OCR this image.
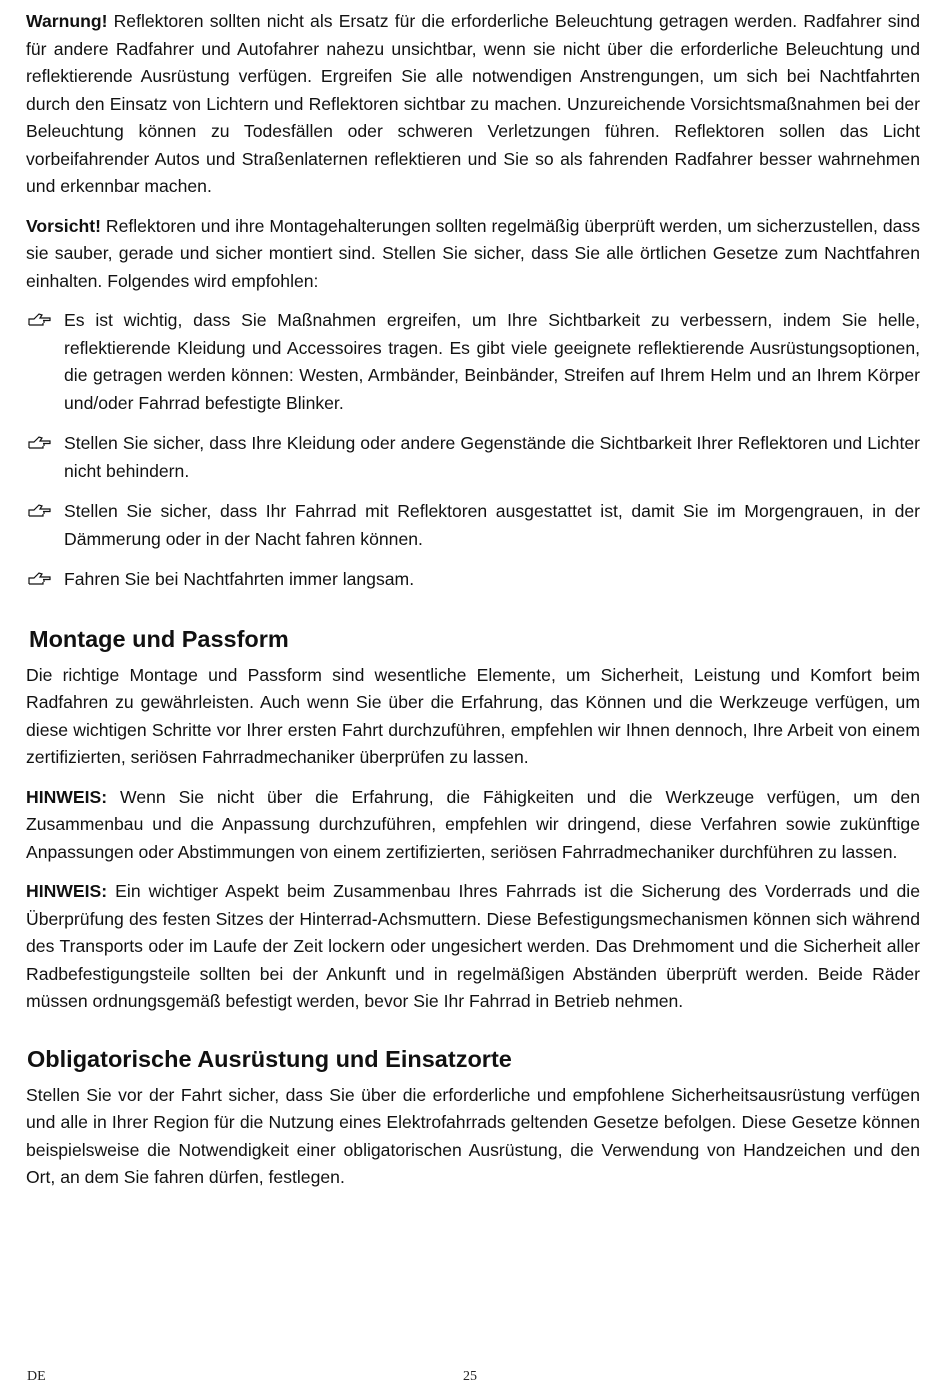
Warnung! Reflektoren sollten nicht als Ersatz für die erforderliche Beleuchtung getragen werden. Radfahrer sind für andere Radfahrer und Autofahrer nahezu unsichtbar, wenn sie nicht über die erforderliche Beleuchtung und reflektierende Ausrüstung verfügen. Ergreifen Sie alle notwendigen Anstrengungen, um sich bei Nachtfahrten durch den Einsatz von Lichtern und Reflektoren sichtbar zu machen. Unzureichende Vorsichtsmaßnahmen bei der Beleuchtung können zu Todesfällen oder schweren Verletzungen führen. Reflektoren sollen das Licht vorbeifahrender Autos und Straßenlaternen reflektieren und Sie so als fahrenden Radfahrer besser wahrnehmen und erkennbar machen.

Vorsicht! Reflektoren und ihre Montagehalterungen sollten regelmäßig überprüft werden, um sicherzustellen, dass sie sauber, gerade und sicher montiert sind. Stellen Sie sicher, dass Sie alle örtlichen Gesetze zum Nachtfahren einhalten. Folgendes wird empfohlen:

Es ist wichtig, dass Sie Maßnahmen ergreifen, um Ihre Sichtbarkeit zu verbessern, indem Sie helle, reflektierende Kleidung und Accessoires tragen. Es gibt viele geeignete reflektierende Ausrüstungsoptionen, die getragen werden können: Westen, Armbänder, Beinbänder, Streifen auf Ihrem Helm und an Ihrem Körper und/oder Fahrrad befestigte Blinker.

Stellen Sie sicher, dass Ihre Kleidung oder andere Gegenstände die Sichtbarkeit Ihrer Reflektoren und Lichter nicht behindern.

Stellen Sie sicher, dass Ihr Fahrrad mit Reflektoren ausgestattet ist, damit Sie im Morgengrauen, in der Dämmerung oder in der Nacht fahren können.

Fahren Sie bei Nachtfahrten immer langsam.

Montage und Passform

Die richtige Montage und Passform sind wesentliche Elemente, um Sicherheit, Leistung und Komfort beim Radfahren zu gewährleisten. Auch wenn Sie über die Erfahrung, das Können und die Werkzeuge verfügen, um diese wichtigen Schritte vor Ihrer ersten Fahrt durchzuführen, empfehlen wir Ihnen dennoch, Ihre Arbeit von einem zertifizierten, seriösen Fahrradmechaniker überprüfen zu lassen.

HINWEIS: Wenn Sie nicht über die Erfahrung, die Fähigkeiten und die Werkzeuge verfügen, um den Zusammenbau und die Anpassung durchzuführen, empfehlen wir dringend, diese Verfahren sowie zukünftige Anpassungen oder Abstimmungen von einem zertifizierten, seriösen Fahrradmechaniker durchführen zu lassen.

HINWEIS: Ein wichtiger Aspekt beim Zusammenbau Ihres Fahrrads ist die Sicherung des Vorderrads und die Überprüfung des festen Sitzes der Hinterrad-Achsmuttern. Diese Befestigungsmechanismen können sich während des Transports oder im Laufe der Zeit lockern oder ungesichert werden. Das Drehmoment und die Sicherheit aller Radbefestigungsteile sollten bei der Ankunft und in regelmäßigen Abständen überprüft werden. Beide Räder müssen ordnungsgemäß befestigt werden, bevor Sie Ihr Fahrrad in Betrieb nehmen.

Obligatorische Ausrüstung und Einsatzorte

Stellen Sie vor der Fahrt sicher, dass Sie über die erforderliche und empfohlene Sicherheitsausrüstung verfügen und alle in Ihrer Region für die Nutzung eines Elektrofahrrads geltenden Gesetze befolgen. Diese Gesetze können beispielsweise die Notwendigkeit einer obligatorischen Ausrüstung, die Verwendung von Handzeichen und den Ort, an dem Sie fahren dürfen, festlegen.

DE	25
